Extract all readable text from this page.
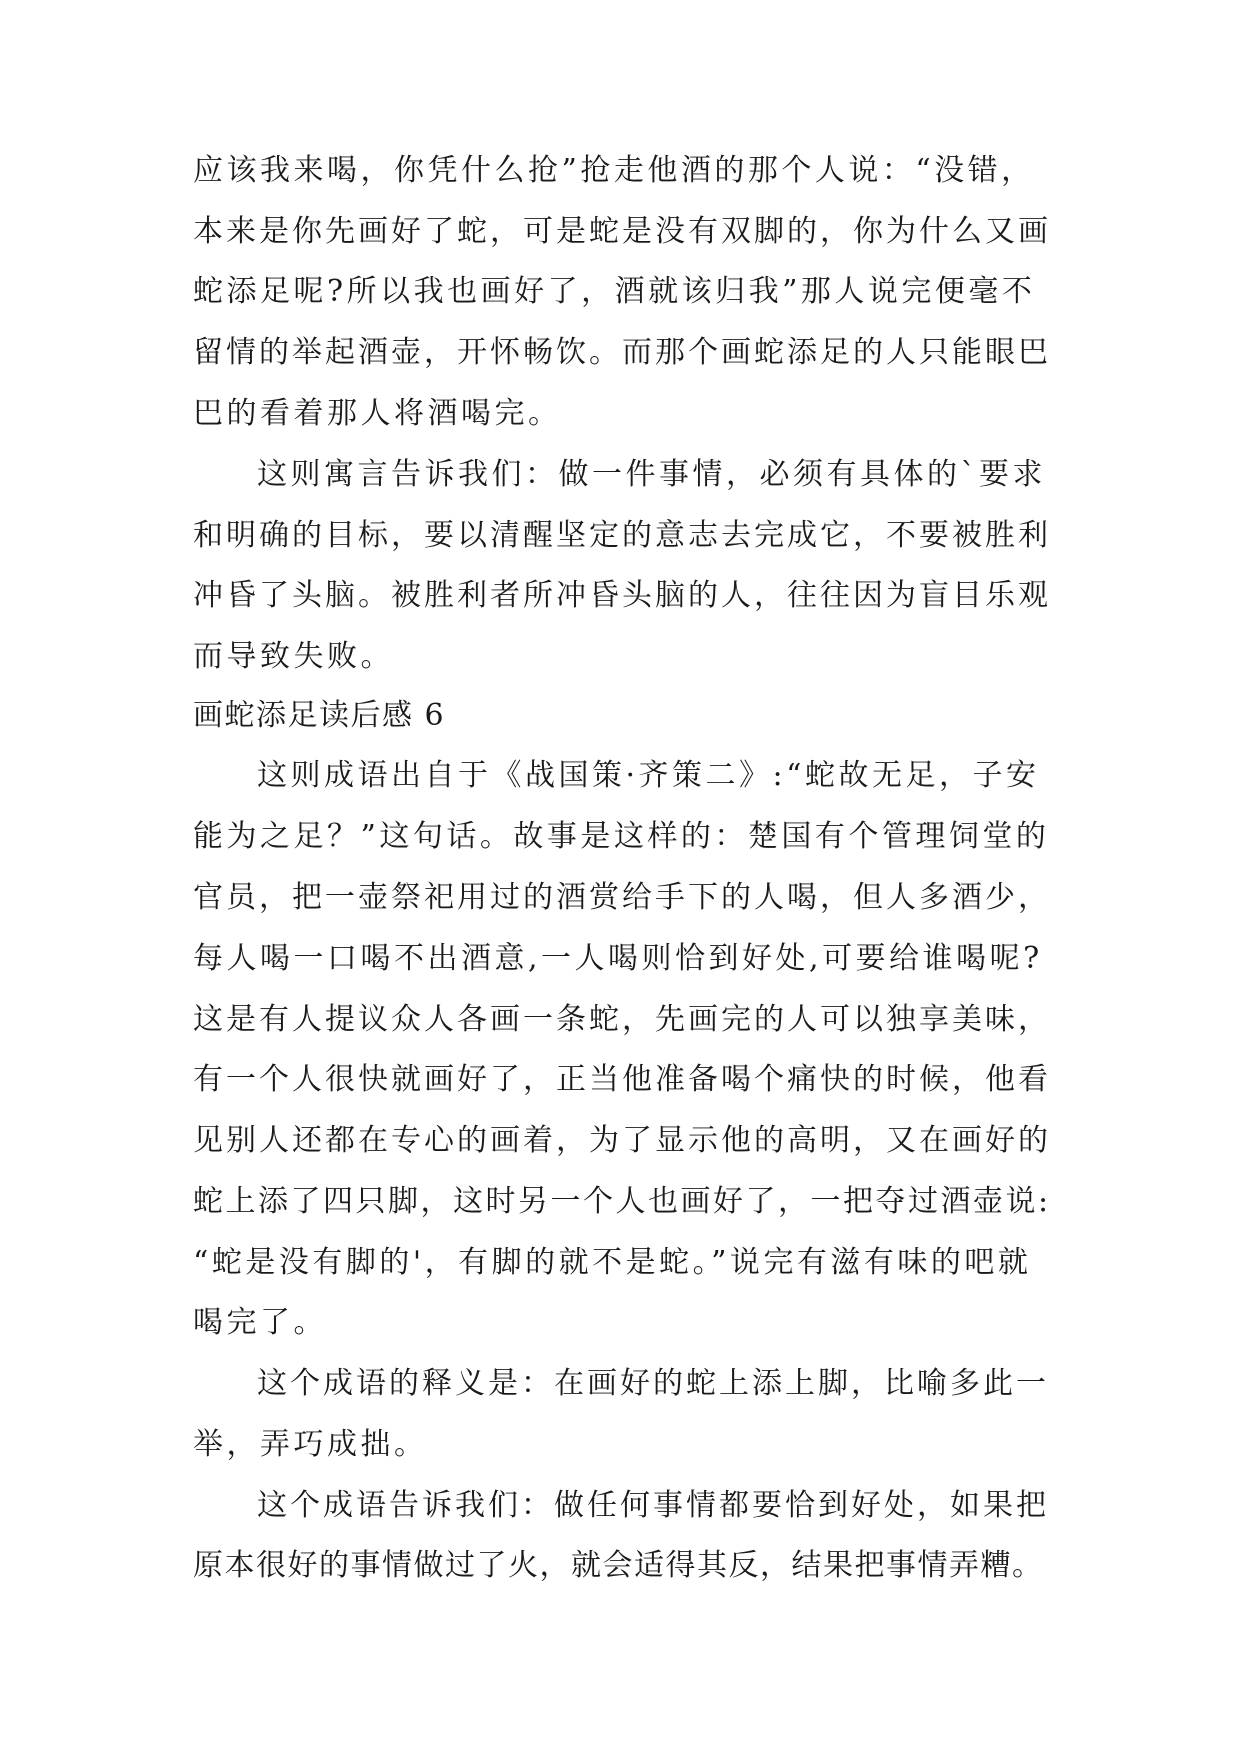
应该我来喝，你凭什么抢”抢走他酒的那个人说：“没错，
本来是你先画好了蛇，可是蛇是没有双脚的，你为什么又画
蛇添足呢?所以我也画好了，酒就该归我”那人说完便毫不
留情的举起酒壶，开怀畅饮。而那个画蛇添足的人只能眼巴
巴的看着那人将酒喝完。
这则寓言告诉我们：做一件事情，必须有具体的`要求
和明确的目标，要以清醒坚定的意志去完成它，不要被胜利
冲昏了头脑。被胜利者所冲昏头脑的人，往往因为盲目乐观
而导致失败。
画蛇添足读后感 6
这则成语出自于《战国策·齐策二》:“蛇故无足，子安
能为之足？”这句话。故事是这样的：楚国有个管理饲堂的
官员，把一壶祭祀用过的酒赏给手下的人喝，但人多酒少，
每人喝一口喝不出酒意,一人喝则恰到好处,可要给谁喝呢?
这是有人提议众人各画一条蛇，先画完的人可以独享美味，
有一个人很快就画好了，正当他准备喝个痛快的时候，他看
见别人还都在专心的画着，为了显示他的高明，又在画好的
蛇上添了四只脚，这时另一个人也画好了，一把夺过酒壶说:
“蛇是没有脚的'，有脚的就不是蛇。”说完有滋有味的吧就
喝完了。
这个成语的释义是：在画好的蛇上添上脚，比喻多此一
举，弄巧成拙。
这个成语告诉我们：做任何事情都要恰到好处，如果把
原本很好的事情做过了火，就会适得其反，结果把事情弄糟。
